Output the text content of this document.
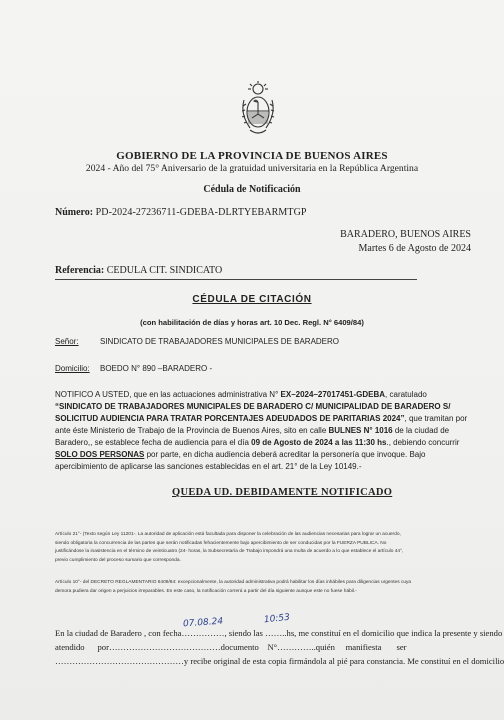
GOBIERNO DE LA PROVINCIA DE BUENOS AIRES
2024 - Año del 75° Aniversario de la gratuidad universitaria en la República Argentina
Cédula de Notificación
Número: PD-2024-27236711-GDEBA-DLRTYEBARMTGP
BARADERO, BUENOS AIRES
Martes 6 de Agosto de 2024
Referencia: CEDULA CIT. SINDICATO
CÉDULA DE CITACIÓN
(con habilitación de días y horas art. 10 Dec. Regl. N° 6409/84)
Señor:	SINDICATO DE TRABAJADORES MUNICIPALES DE BARADERO
Domicilio: BOEDO N° 890 –BARADERO -
NOTIFICO A USTED, que en las actuaciones administrativa N° EX–2024–27017451-GDEBA, caratulado
“SINDICATO DE TRABAJADORES MUNICIPALES DE BARADERO C/ MUNICIPALIDAD DE BARADERO S/
SOLICITUD AUDIENCIA PARA TRATAR PORCENTAJES ADEUDADOS DE PARITARIAS 2024”, que tramitan por
ante éste Ministerio de Trabajo de la Provincia de Buenos Aires, sito en calle BULNES N° 1016 de la ciudad de
Baradero,, se establece fecha de audiencia para el día 09 de Agosto de 2024 a las 11:30 hs., debiendo concurrir
SOLO DOS PERSONAS por parte, en dicha audiencia deberá acreditar la personería que invoque. Bajo
apercibimiento de aplicarse las sanciones establecidas en el art. 21° de la Ley 10149.-
QUEDA UD. DEBIDAMENTE NOTIFICADO
Artículo 21°- (Texto según Ley 11201-. La autoridad de aplicación está facultada para disponer la celebración de las audiencias necesarias para lograr un acuerdo,
siendo obligatoria la concurrencia de las partes que serán notificadas fehacientemente bajo apercibimiento de ser conducidas por la FUERZA PUBLICA. No
justificándose la inasistencia en el término de veinticuatro (24- horas, la Subsecretaría de Trabajo impondrá una multa de acuerdo a lo que establece el artículo 44°,
previo cumplimiento del proceso sumario que corresponda.
Artículo 10°- del DECRETO REGLAMENTARIO 6409/84: excepcionalmente, la autoridad administrativa podrá habilitar los días inhábiles para diligencias urgentes cuya
demora pudiera dar origen a perjuicios irreparables. En este caso, la notificación correrá a partir del día siguiente aunque este no fuese hábil.-
07.08.24	10:53
En la ciudad de Baradero , con fecha……………, siendo las ……..hs, me constituí en el domicilio que indica la presente y siendo
atendido por…………………………………documento N°…………..quién manifiesta ser
………………………………………y recibe original de esta copia firmándola al pié para constancia. Me constituí en el domicilio
